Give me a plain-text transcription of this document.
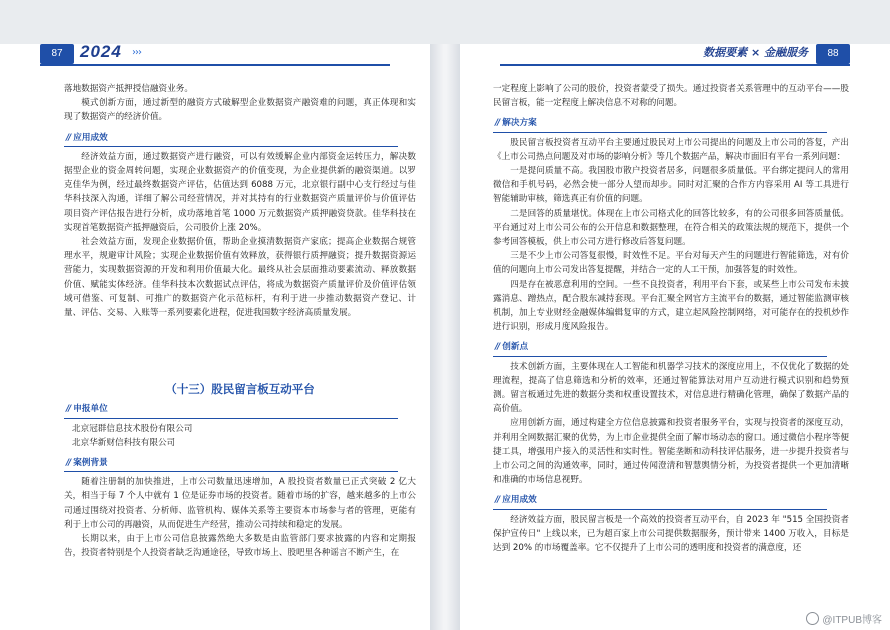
87	2024 ›››	数据要素 × 金融服务	88

落地数据资产抵押授信融资业务。

模式创新方面，通过新型的融资方式破解型企业数据资产融资难的问题，真正体现和实现了数据资产的经济价值。

// 应用成效

经济效益方面，通过数据资产进行融资，可以有效缓解企业内部资金运转压力，解决数据型企业的资金周转问题，实现企业数据资产的价值变现，为企业提供新的融资渠道。以罗克佳华为例，经过最终数据资产评估，估值达到 6088 万元，北京银行副中心支行经过与佳华科技深入沟通，详细了解公司经营情况，并对其持有的行业数据资产质量评价与价值评估项目资产评估报告进行分析，成功落地首笔 1000 万元数据资产质押融资贷款。佳华科技在实现首笔数据资产抵押融资后，公司股价上涨 20%。

社会效益方面，发现企业数据价值，帮助企业摸清数据资产家底；提高企业数据合规管理水平，规避审计风险；实现企业数据价值有效释放，获得银行质押融资；提升数据资源运营能力，实现数据资源的开发和利用价值最大化。最终从社会层面推动要素流动、释放数据价值、赋能实体经济。佳华科技本次数据试点评估，将成为数据资产质量评价及价值评估领域可借鉴、可复制、可推广的数据资产化示范标杆，有利于进一步推动数据资产登记、计量、评估、交易、入账等一系列要素化进程，促进我国数字经济高质量发展。

（十三）股民留言板互动平台

// 申报单位

北京冠群信息技术股份有限公司

北京华新财信科技有限公司

// 案例背景

随着注册制的加快推进，上市公司数量迅速增加，A 股投资者数量已正式突破 2 亿大关，相当于每 7 个人中就有 1 位是证券市场的投资者。随着市场的扩容，越来越多的上市公司通过围绕对投资者、分析师、监管机构、媒体关系等主要资本市场参与者的管理，更能有利于上市公司的再融资，从而促进生产经营，推动公司持续和稳定的发展。

长期以来，由于上市公司信息披露然绝大多数是由监管部门要求披露的内容和定期报告，投资者特别是个人投资者缺乏沟通途径，导致市场上、股吧里各种谣言不断产生，在

一定程度上影响了公司的股价，投资者蒙受了损失。通过投资者关系管理中的互动平台——股民留言板，能一定程度上解决信息不对称的问题。

// 解决方案

股民留言板投资者互动平台主要通过股民对上市公司提出的问题及上市公司的答复，产出《上市公司热点问题及对市场的影响分析》等几个数据产品，解决市面旧有平台一系列问题：

一是提问质量不高。我国股市散户投资者居多，问题很多质量低。平台绑定提问人的常用微信和手机号码，必然会使一部分人望而却步。同时对汇聚的合作方内容采用 AI 等工具进行智能辅助审核，筛选真正有价值的问题。

二是回答的质量堪忧。体现在上市公司格式化的回答比较多，有的公司很多回答质量低。平台通过对上市公司公布的公开信息和数据整理，在符合相关的政策法规的规范下，提供一个参考回答模板，供上市公司方进行修改后答复问题。

三是不少上市公司答复很慢，时效性不足。平台对每天产生的问题进行智能筛选，对有价值的问题向上市公司发出答复提醒，并结合一定的人工干预，加强答复的时效性。

四是存在被恶意利用的空间。一些不良投资者，利用平台下套，或某些上市公司发布未披露消息、蹭热点，配合股东减持套现。平台汇聚全网官方主流平台的数据，通过智能监测审核机制，加上专业财经金融媒体编辑复审的方式，建立起风险控制网络，对可能存在的投机炒作进行识别，形成月度风险报告。

// 创新点

技术创新方面，主要体现在人工智能和机器学习技术的深度应用上，不仅优化了数据的处理流程，提高了信息筛选和分析的效率，还通过智能算法对用户互动进行模式识别和趋势预测。留言板通过先进的数据分类和权重设置技术，对信息进行精确化管理，确保了数据产品的高价值。

应用创新方面，通过构建全方位信息披露和投资者服务平台，实现与投资者的深度互动，并利用全网数据汇聚的优势，为上市企业提供全面了解市场动态的窗口。通过微信小程序等便捷工具，增强用户接入的灵活性和实时性。智能垄断和动科技评估服务，进一步提升投资者与上市公司之间的沟通效率，同时，通过传闻澄清和智慧舆情分析，为投资者提供一个更加清晰和准确的市场信息视野。

// 应用成效

经济效益方面，股民留言板是一个高效的投资者互动平台，自 2023 年 "515 全国投资者保护宣传日" 上线以来，已为超百家上市公司提供数据服务，预计带来 1400 万收入，目标是达到 20% 的市场覆盖率。它不仅提升了上市公司的透明度和投资者的满意度，还

@ITPUB博客
